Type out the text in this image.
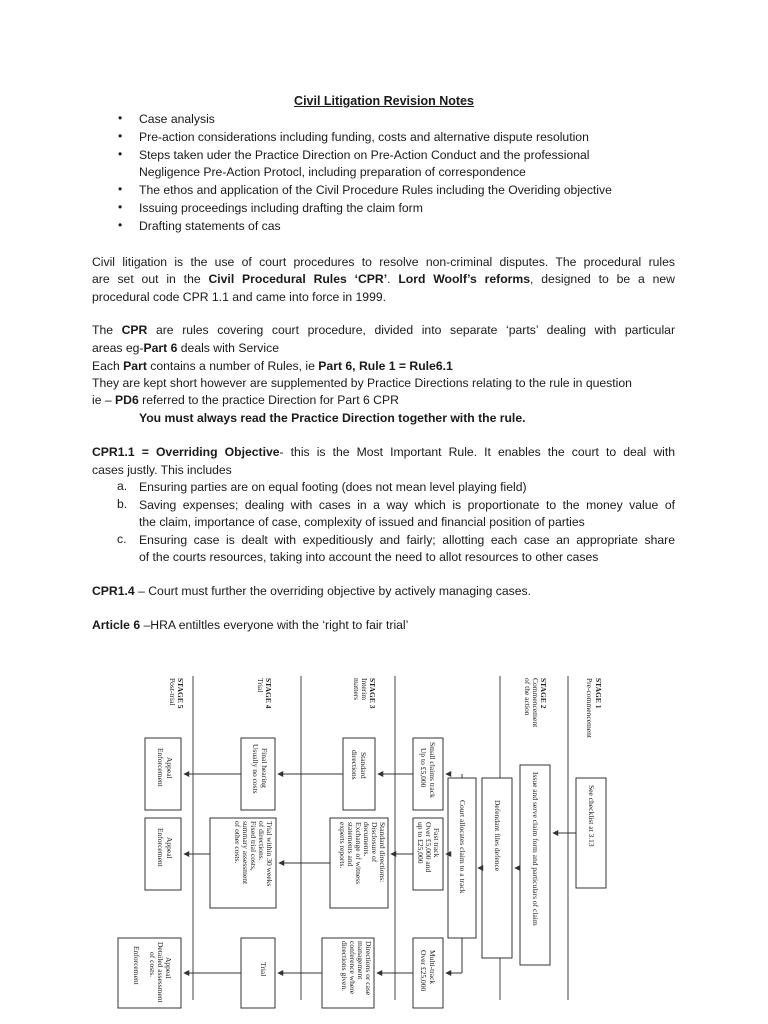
Civil Litigation Revision Notes
• Case analysis
• Pre-action considerations including funding, costs and alternative dispute resolution
• Steps taken uder the Practice Direction on Pre-Action Conduct and the professional
Negligence Pre-Action Protocl, including preparation of correspondence
• The ethos and application of the Civil Procedure Rules including the Overiding objective
• Issuing proceedings including drafting the claim form
• Drafting statements of cas
Civil litigation is the use of court procedures to resolve non-criminal disputes. The procedural rules
are set out in the Civil Procedural Rules ‘CPR’. Lord Woolf’s reforms, designed to be a new
procedural code CPR 1.1 and came into force in 1999.
The CPR are rules covering court procedure, divided into separate ‘parts’ dealing with particular
areas eg-Part 6 deals with Service
Each Part contains a number of Rules, ie Part 6, Rule 1 = Rule6.1
They are kept short however are supplemented by Practice Directions relating to the rule in question
ie – PD6 referred to the practice Direction for Part 6 CPR
You must always read the Practice Direction together with the rule.
CPR1.1 = Overriding Objective- this is the Most Important Rule. It enables the court to deal with
cases justly. This includes
a. Ensuring parties are on equal footing (does not mean level playing field)
b. Saving expenses; dealing with cases in a way which is proportionate to the money value of
the claim, importance of case, complexity of issued and financial position of parties
c. Ensuring case is dealt with expeditiously and fairly; allotting each case an appropriate share
of the courts resources, taking into account the need to allot resources to other cases
CPR1.4 – Court must further the overriding objective by actively managing cases.
Article 6 –HRA entiltles everyone with the ‘right to fair trial’
STAGE 1
Pre-commencement
STAGE 2
Commencement
of the action
STAGE 3
Interim
matters
STAGE 4
Trial
STAGE 5
Post-trial
See checklist at 3.13
Issue and serve claim form and particulars of claim
Defendant files defence
Court allocates claim to a track
Small claims track
Up to £5,000
Fast track
Over £5,000 and
up to £25,000
Multi-track
Over £25,000
Standard
directions
Standard directions:
Disclosure of
documents.
Exchange of witness
statements and
experts reports.
Directions or case
management
conference where
directions given.
Final hearing
Usually no costs
Trial within 30 weeks
of directions.
Fixed trial costs,
summary assessment
of other costs.
Trial
Appeal
Enforcement
Appeal
Enforcement
Appeal
Detailed assessment
of costs.
Enforcement
